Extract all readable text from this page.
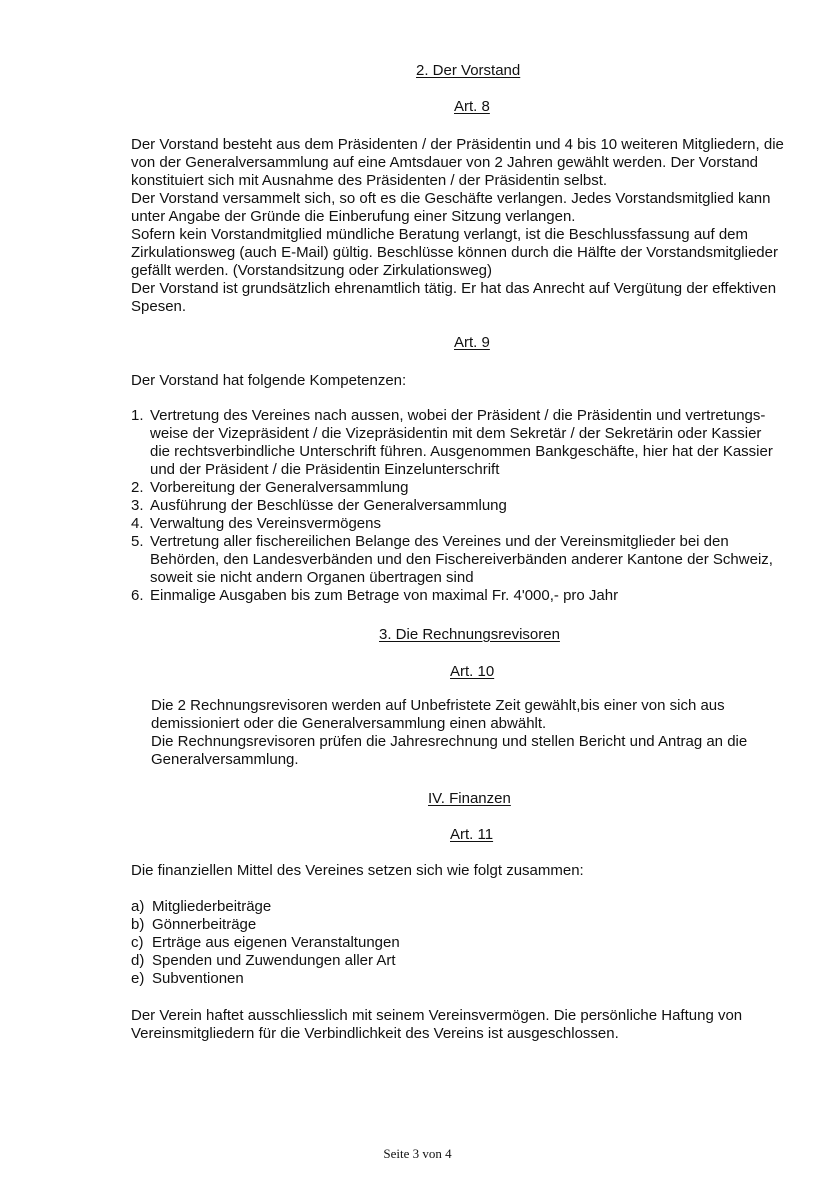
2. Der Vorstand
Art. 8
Der Vorstand besteht aus dem Präsidenten / der Präsidentin und 4 bis 10 weiteren Mitgliedern, die
von der Generalversammlung auf eine Amtsdauer von 2 Jahren gewählt werden. Der Vorstand
konstituiert sich mit Ausnahme des Präsidenten / der Präsidentin selbst.
Der Vorstand versammelt sich, so oft es die Geschäfte verlangen. Jedes Vorstandsmitglied kann
unter Angabe der Gründe die Einberufung einer Sitzung verlangen.
Sofern kein Vorstandmitglied mündliche Beratung verlangt, ist die Beschlussfassung auf dem
Zirkulationsweg (auch E-Mail) gültig. Beschlüsse können durch die Hälfte der Vorstandsmitglieder
gefällt werden. (Vorstandsitzung oder Zirkulationsweg)
Der Vorstand ist grundsätzlich ehrenamtlich tätig. Er hat das Anrecht auf Vergütung der effektiven
Spesen.
Art. 9
Der Vorstand hat folgende Kompetenzen:
1. Vertretung des Vereines nach aussen, wobei der Präsident / die Präsidentin und vertretungs-
weise der Vizepräsident / die Vizepräsidentin mit dem Sekretär / der Sekretärin oder Kassier
die rechtsverbindliche Unterschrift führen. Ausgenommen Bankgeschäfte, hier hat der Kassier
und der Präsident / die Präsidentin Einzelunterschrift
2. Vorbereitung der Generalversammlung
3. Ausführung der Beschlüsse der Generalversammlung
4. Verwaltung des Vereinsvermögens
5. Vertretung aller fischereilichen Belange des Vereines und der Vereinsmitglieder bei den
Behörden, den Landesverbänden und den Fischereiverbänden anderer Kantone der Schweiz,
soweit sie nicht andern Organen übertragen sind
6. Einmalige Ausgaben bis zum Betrage von maximal Fr. 4'000,- pro Jahr
3. Die Rechnungsrevisoren
Art. 10
Die 2 Rechnungsrevisoren werden auf Unbefristete Zeit gewählt,bis einer von sich aus
demissioniert oder die Generalversammlung einen abwählt.
Die Rechnungsrevisoren prüfen die Jahresrechnung und stellen Bericht und Antrag an die
Generalversammlung.
IV. Finanzen
Art. 11
Die finanziellen Mittel des Vereines setzen sich wie folgt zusammen:
a) Mitgliederbeiträge
b) Gönnerbeiträge
c) Erträge aus eigenen Veranstaltungen
d) Spenden und Zuwendungen aller Art
e) Subventionen
Der Verein haftet ausschliesslich mit seinem Vereinsvermögen. Die persönliche Haftung von
Vereinsmitgliedern für die Verbindlichkeit des Vereins ist ausgeschlossen.
Seite 3 von 4
